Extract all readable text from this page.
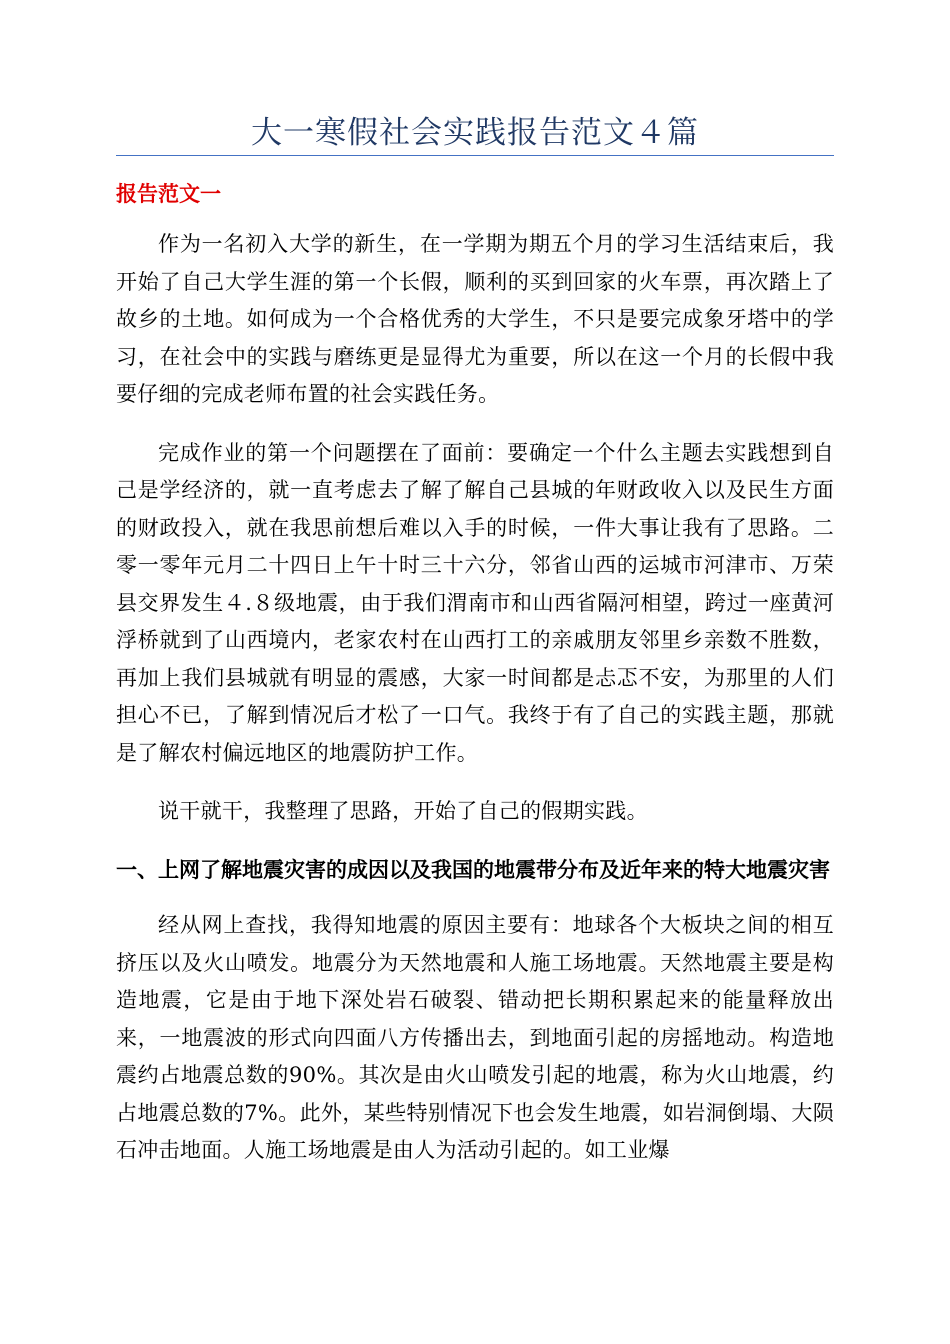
大一寒假社会实践报告范文４篇
报告范文一

作为一名初入大学的新生，在一学期为期五个月的学习生活结束后，我开始了自己大学生涯的第一个长假，顺利的买到回家的火车票，再次踏上了故乡的土地。如何成为一个合格优秀的大学生，不只是要完成象牙塔中的学习，在社会中的实践与磨练更是显得尤为重要，所以在这一个月的长假中我要仔细的完成老师布置的社会实践任务。

完成作业的第一个问题摆在了面前：要确定一个什么主题去实践想到自己是学经济的，就一直考虑去了解了解自己县城的年财政收入以及民生方面的财政投入，就在我思前想后难以入手的时候，一件大事让我有了思路。二零一零年元月二十四日上午十时三十六分，邻省山西的运城市河津市、万荣县交界发生４.８级地震，由于我们渭南市和山西省隔河相望，跨过一座黄河浮桥就到了山西境内，老家农村在山西打工的亲戚朋友邻里乡亲数不胜数，再加上我们县城就有明显的震感，大家一时间都是忐忑不安，为那里的人们担心不已，了解到情况后才松了一口气。我终于有了自己的实践主题，那就是了解农村偏远地区的地震防护工作。

说干就干，我整理了思路，开始了自己的假期实践。

一、上网了解地震灾害的成因以及我国的地震带分布及近年来的特大地震灾害

经从网上查找，我得知地震的原因主要有：地球各个大板块之间的相互挤压以及火山喷发。地震分为天然地震和人施工场地震。天然地震主要是构造地震，它是由于地下深处岩石破裂、错动把长期积累起来的能量释放出来，一地震波的形式向四面八方传播出去，到地面引起的房摇地动。构造地震约占地震总数的90%。其次是由火山喷发引起的地震，称为火山地震，约占地震总数的7%。此外，某些特别情况下也会发生地震，如岩洞倒塌、大陨石冲击地面。人施工场地震是由人为活动引起的。如工业爆
